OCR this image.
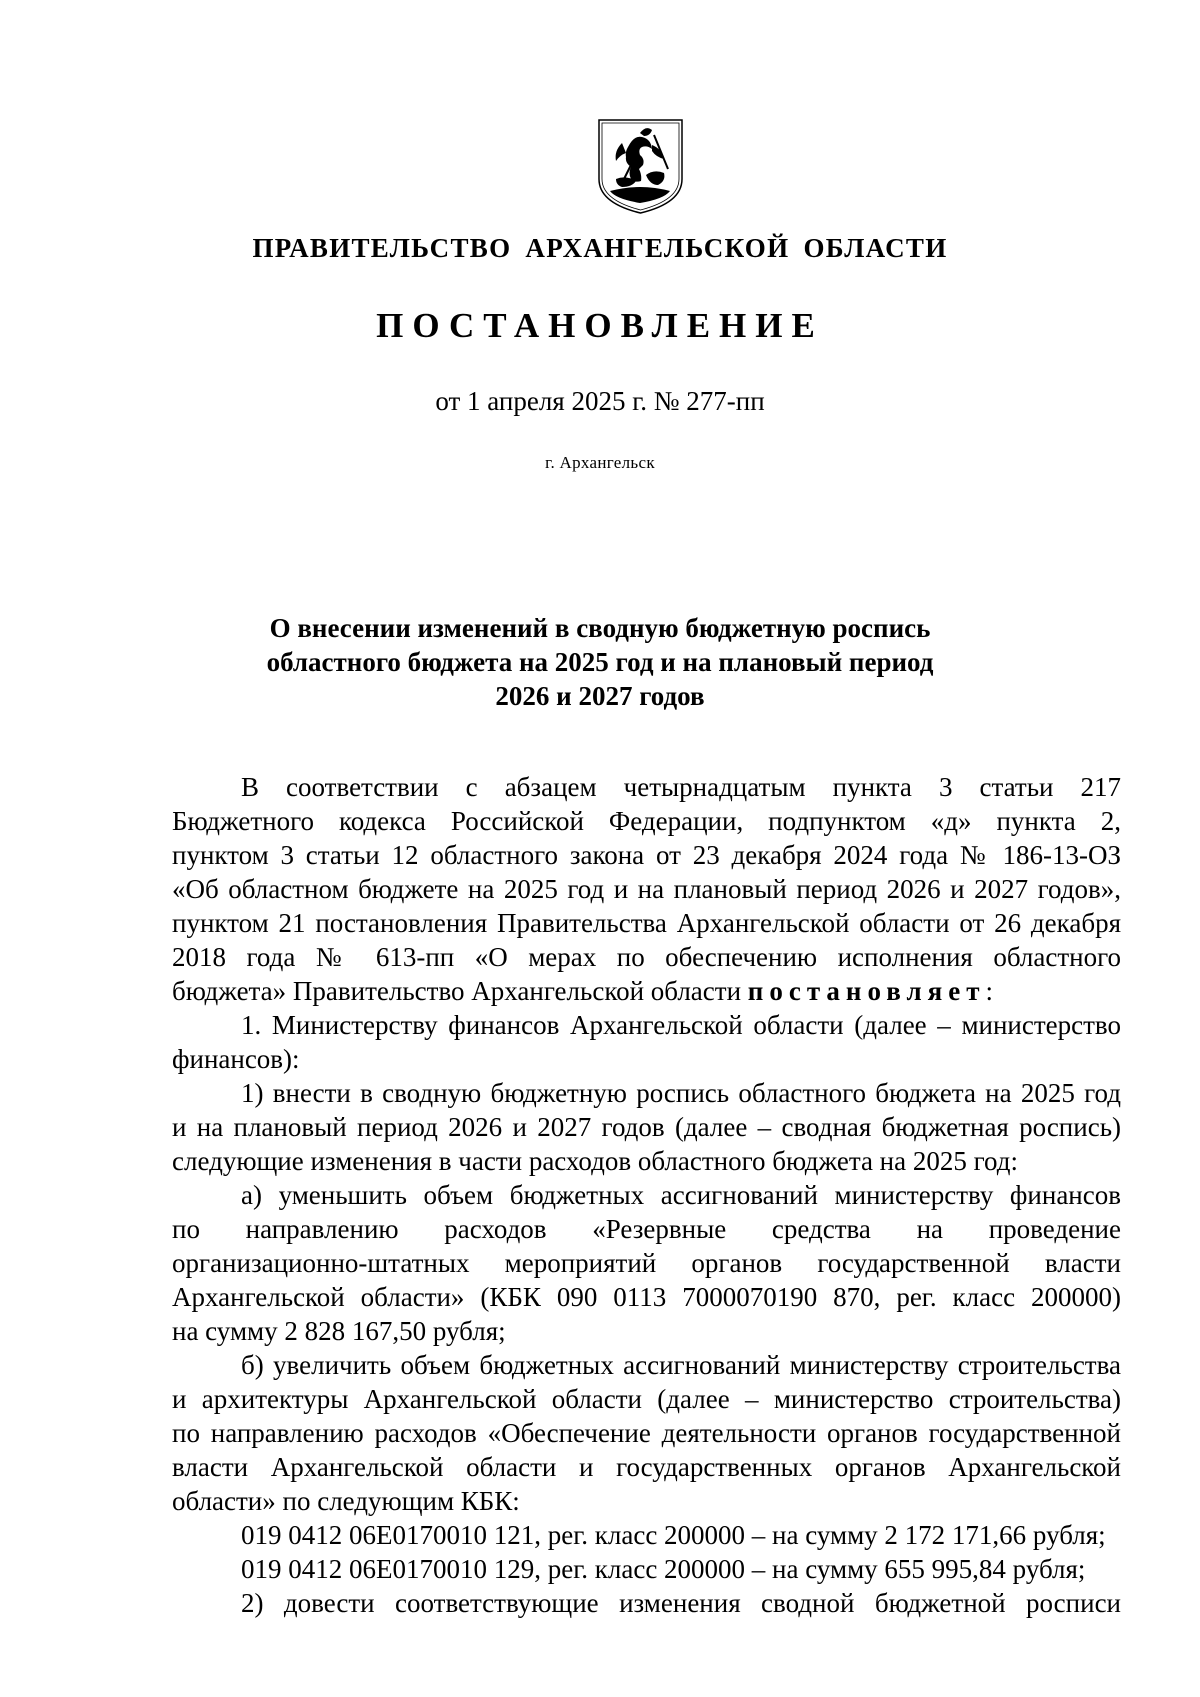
ПРАВИТЕЛЬСТВО АРХАНГЕЛЬСКОЙ ОБЛАСТИ
ПОСТАНОВЛЕНИЕ
от 1 апреля 2025 г. № 277-пп
г. Архангельск
О внесении изменений в сводную бюджетную роспись
областного бюджета на 2025 год и на плановый период
2026 и 2027 годов
В соответствии с абзацем четырнадцатым пункта 3 статьи 217
Бюджетного кодекса Российской Федерации, подпунктом «д» пункта 2,
пунктом 3 статьи 12 областного закона от 23 декабря 2024 года № 186-13-ОЗ
«Об областном бюджете на 2025 год и на плановый период 2026 и 2027 годов»,
пунктом 21 постановления Правительства Архангельской области от 26 декабря
2018 года № 613-пп «О мерах по обеспечению исполнения областного
бюджета» Правительство Архангельской области постановляет:
1. Министерству финансов Архангельской области (далее – министерство
финансов):
1) внести в сводную бюджетную роспись областного бюджета на 2025 год
и на плановый период 2026 и 2027 годов (далее – сводная бюджетная роспись)
следующие изменения в части расходов областного бюджета на 2025 год:
а) уменьшить объем бюджетных ассигнований министерству финансов
по направлению расходов «Резервные средства на проведение
организационно-штатных мероприятий органов государственной власти
Архангельской области» (КБК 090 0113 7000070190 870, рег. класс 200000)
на сумму 2 828 167,50 рубля;
б) увеличить объем бюджетных ассигнований министерству строительства
и архитектуры Архангельской области (далее – министерство строительства)
по направлению расходов «Обеспечение деятельности органов государственной
власти Архангельской области и государственных органов Архангельской
области» по следующим КБК:
019 0412 06Е0170010 121, рег. класс 200000 – на сумму 2 172 171,66 рубля;
019 0412 06Е0170010 129, рег. класс 200000 – на сумму 655 995,84 рубля;
2) довести соответствующие изменения сводной бюджетной росписи
